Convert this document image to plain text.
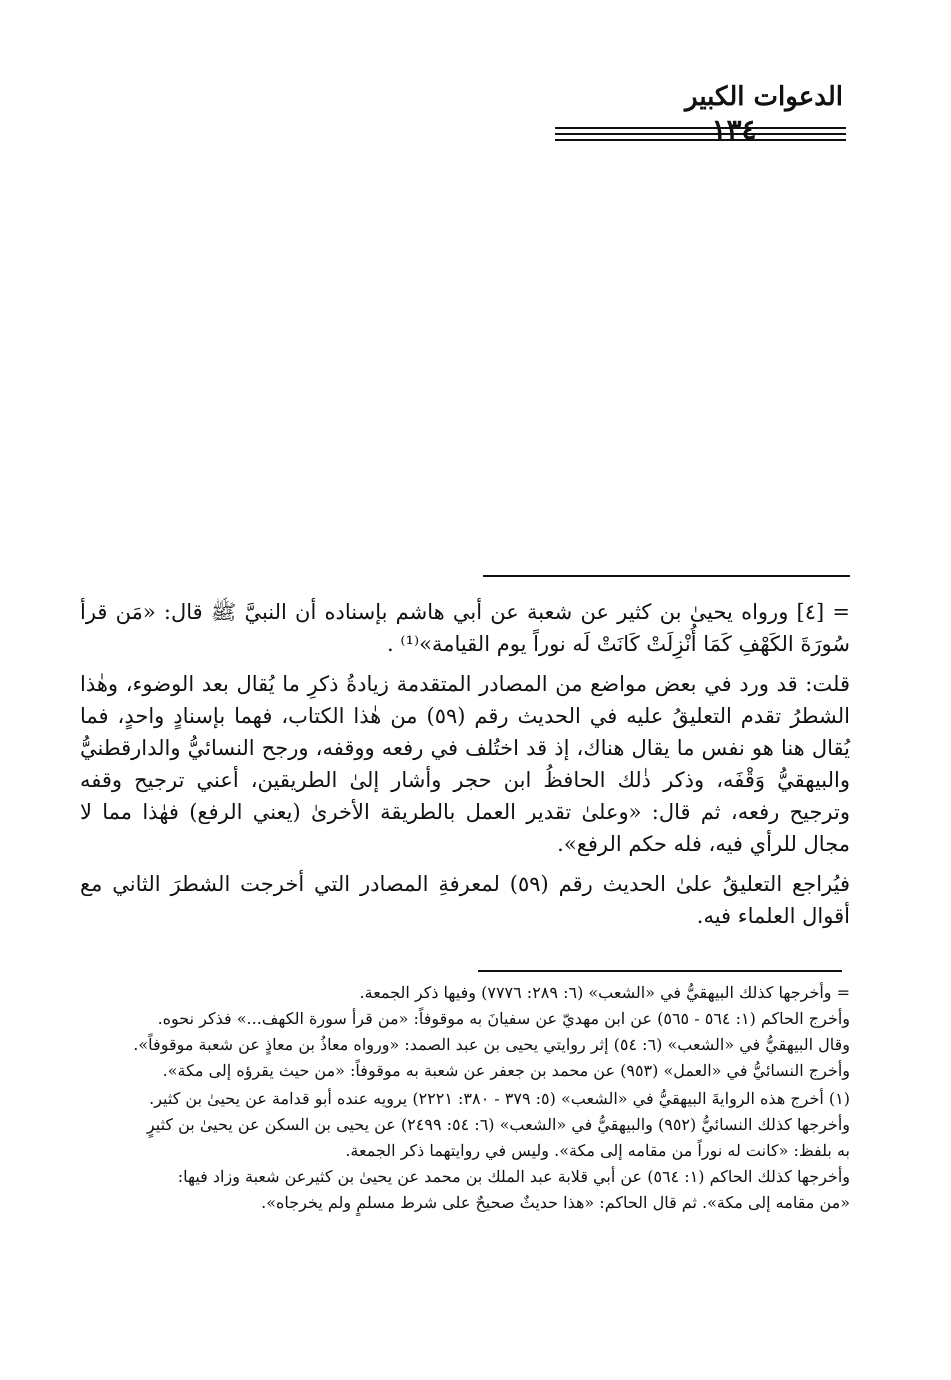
الدعوات الكبير
١٣٤

= [٤] ورواه يحيىٰ بن كثير عن شعبة عن أبي هاشم بإسناده أن النبيَّ ﷺ قال: «مَن قرأ سُورَةَ الكَهْفِ كَمَا أُنْزِلَتْ كَانَتْ لَه نوراً يوم القيامة»⁽¹⁾ .

قلت: قد ورد في بعض مواضع من المصادر المتقدمة زيادةُ ذكرِ ما يُقال بعد الوضوء، وهٰذا الشطرُ تقدم التعليقُ عليه في الحديث رقم (٥٩) من هٰذا الكتاب، فهما بإسنادٍ واحدٍ، فما يُقال هنا هو نفس ما يقال هناك، إذ قد اختُلف في رفعه ووقفه، ورجح النسائيُّ والدارقطنيُّ والبيهقيُّ وَقْفَه، وذكر ذٰلك الحافظُ ابن حجر وأشار إلىٰ الطريقين، أعني ترجيح وقفه وترجيح رفعه، ثم قال: «وعلىٰ تقدير العمل بالطريقة الأخرىٰ (يعني الرفع) فهٰذا مما لا مجال للرأي فيه، فله حكم الرفع».

فيُراجع التعليقُ علىٰ الحديث رقم (٥٩) لمعرفةِ المصادر التي أخرجت الشطرَ الثاني مع أقوال العلماء فيه.

= وأخرجها كذلك البيهقيُّ في «الشعب» (٦: ٢٨٩: ٧٧٧٦) وفيها ذكر الجمعة.

وأخرج الحاكم (١: ٥٦٤ - ٥٦٥) عن ابن مهديّ عن سفيانَ به موقوفاً: «من قرأ سورة الكهف...» فذكر نحوه.

وقال البيهقيُّ في «الشعب» (٦: ٥٤) إثر روايتي يحيى بن عبد الصمد: «ورواه معاذُ بن معاذٍ عن شعبة موقوفاً».

وأخرج النسائيُّ في «العمل» (٩٥٣) عن محمد بن جعفر عن شعبة به موقوفاً: «من حيث يقرؤه إلى مكة».

(١) أخرج هذه الروايةَ البيهقيُّ في «الشعب» (٥: ٣٧٩ - ٣٨٠: ٢٢٢١) يرويه عنده أبو قدامة عن يحيىٰ بن كثير.

وأخرجها كذلك النسائيُّ (٩٥٢) والبيهقيُّ في «الشعب» (٦: ٥٤: ٢٤٩٩) عن يحيى بن السكن عن يحيىٰ بن كثيرٍ

به بلفظ: «كانت له نوراً من مقامه إلى مكة». وليس في روايتهما ذكر الجمعة.

وأخرجها كذلك الحاكم (١: ٥٦٤) عن أبي قلابة عبد الملك بن محمد عن يحيىٰ بن كثيرعن شعبة وزاد فيها:

«من مقامه إلى مكة». ثم قال الحاكم: «هذا حديثٌ صحيحٌ على شرط مسلمٍ ولم يخرجاه».
